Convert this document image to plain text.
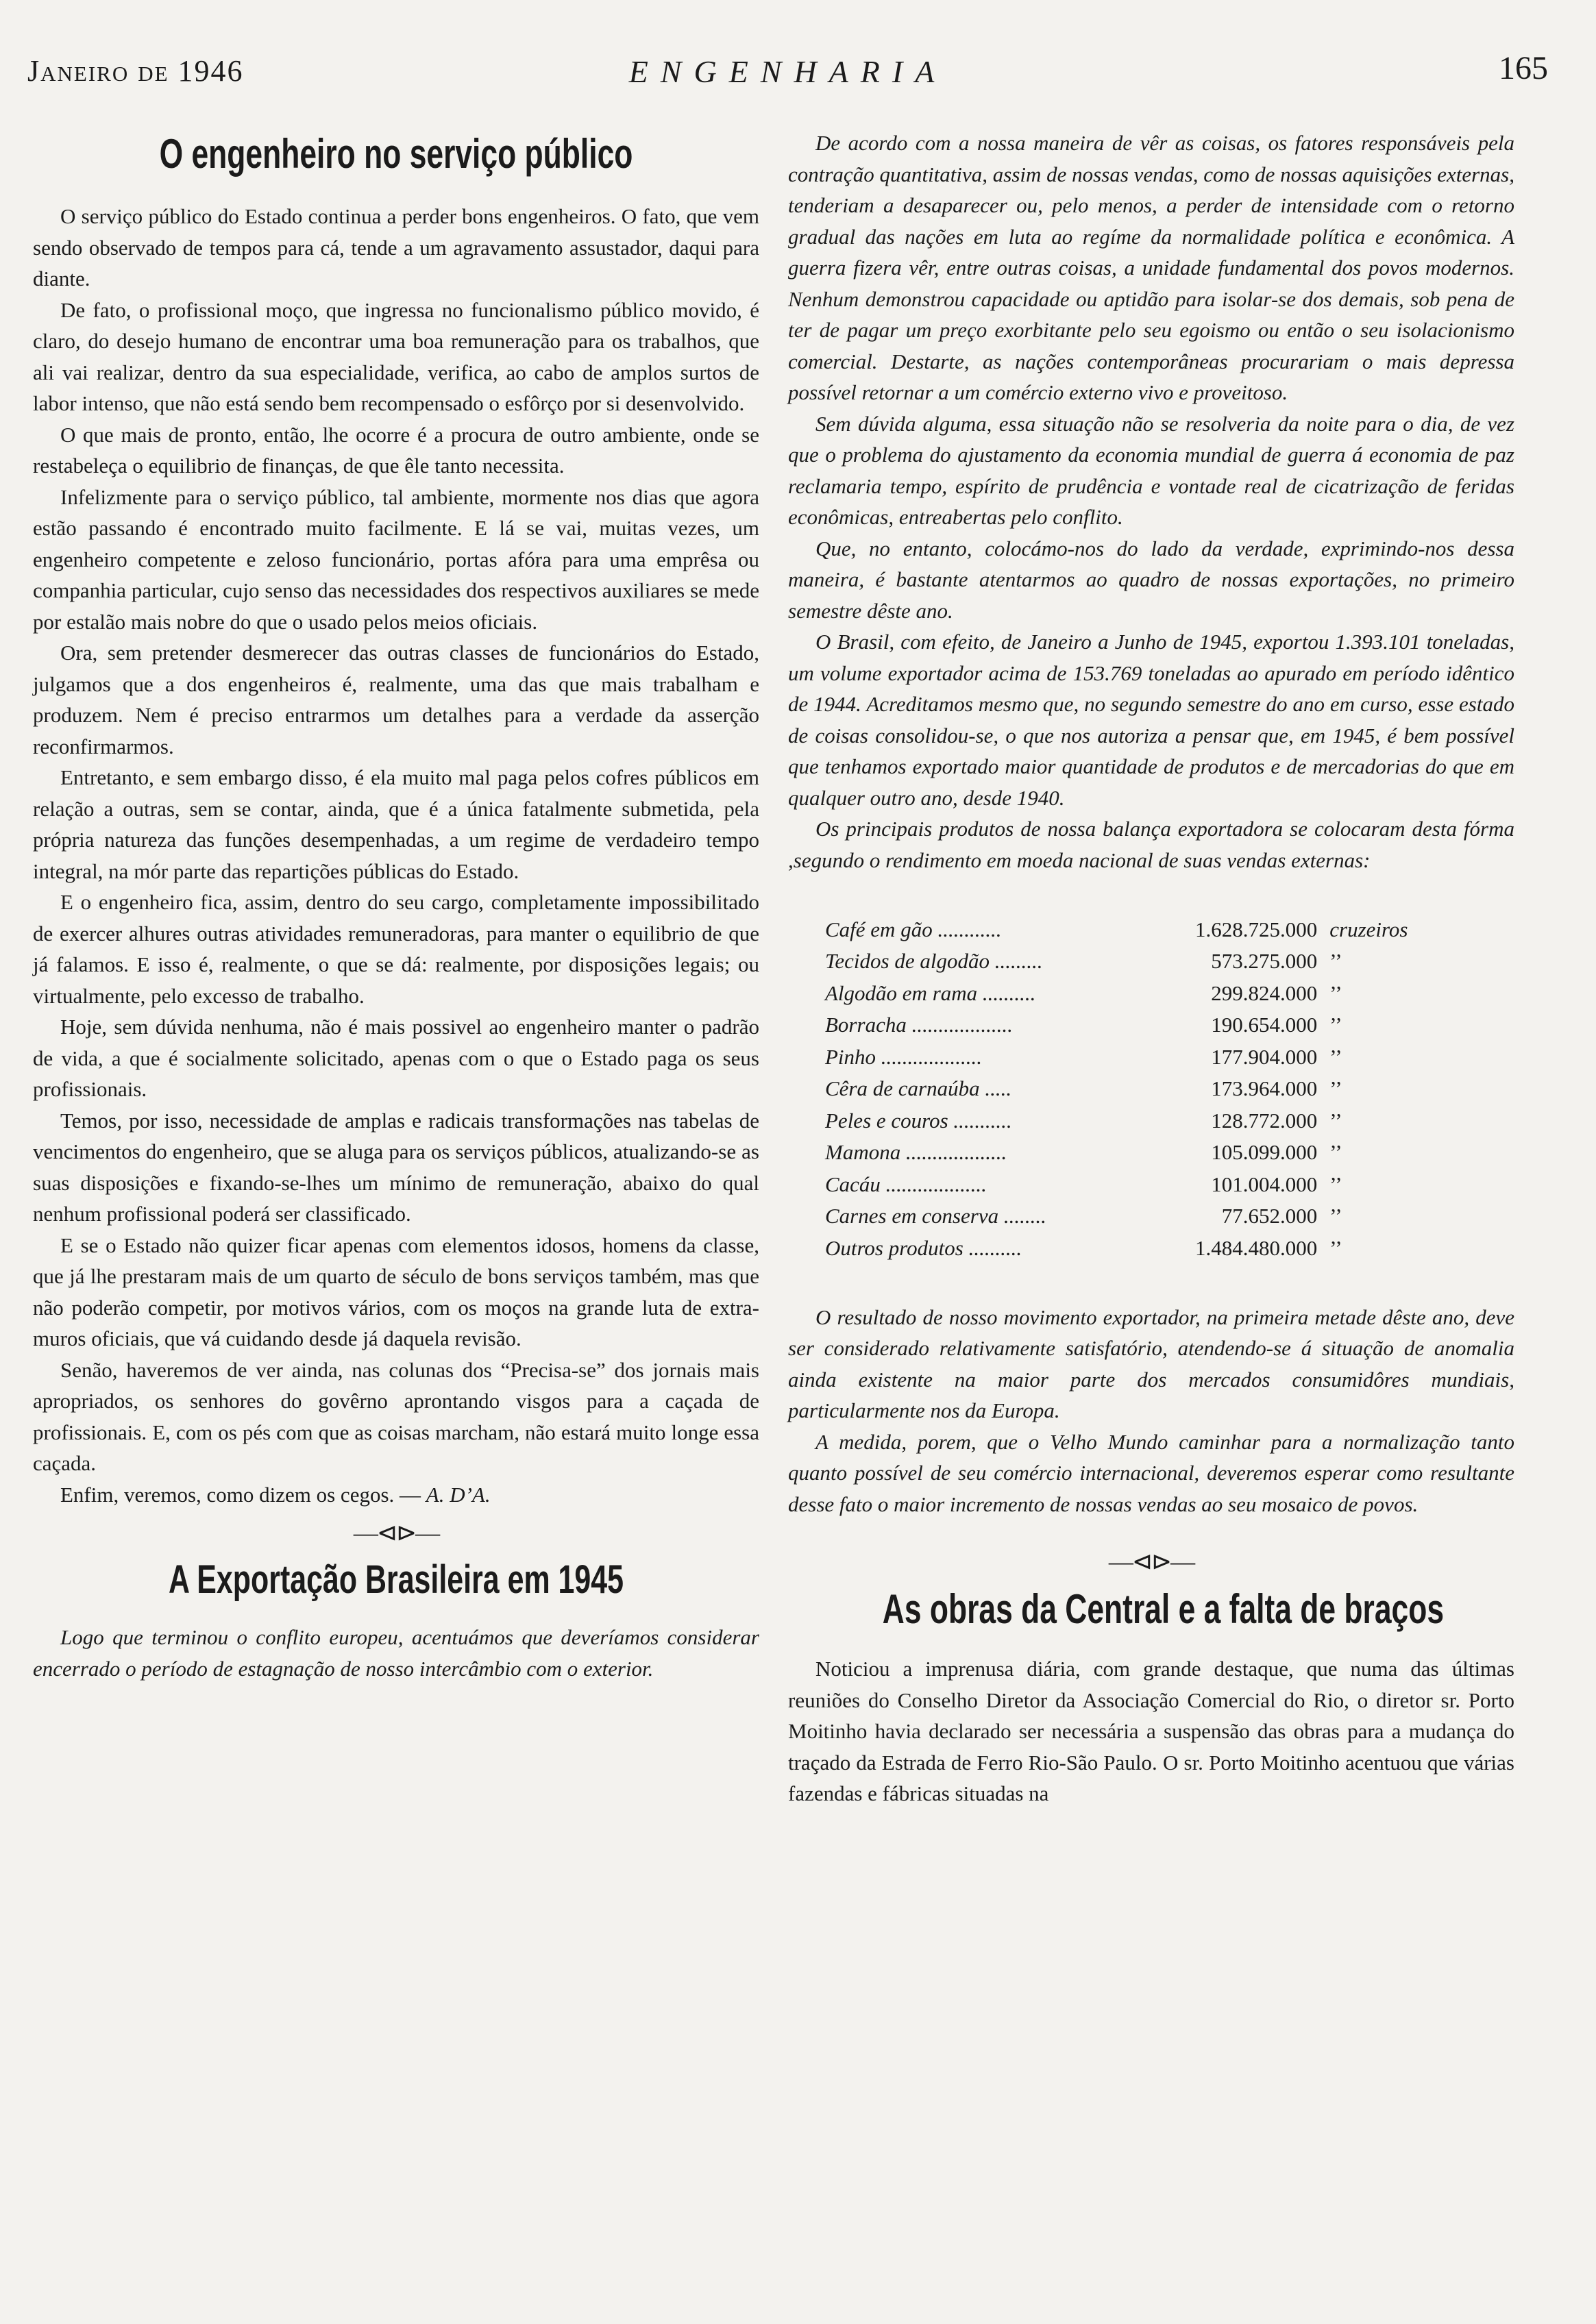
Janeiro de 1946	ENGENHARIA	165
O engenheiro no serviço público

O serviço público do Estado continua a perder bons engenheiros. O fato, que vem sendo observado de tempos para cá, tende a um agravamento assustador, daqui para diante.

De fato, o profissional moço, que ingressa no funcionalismo público movido, é claro, do desejo humano de encontrar uma boa remuneração para os trabalhos, que ali vai realizar, dentro da sua especialidade, verifica, ao cabo de amplos surtos de labor intenso, que não está sendo bem recompensado o esfôrço por si desenvolvido.

O que mais de pronto, então, lhe ocorre é a procura de outro ambiente, onde se restabeleça o equilibrio de finanças, de que êle tanto necessita.

Infelizmente para o serviço público, tal ambiente, mormente nos dias que agora estão passando é encontrado muito facilmente. E lá se vai, muitas vezes, um engenheiro competente e zeloso funcionário, portas afóra para uma emprêsa ou companhia particular, cujo senso das necessidades dos respectivos auxiliares se mede por estalão mais nobre do que o usado pelos meios oficiais.

Ora, sem pretender desmerecer das outras classes de funcionários do Estado, julgamos que a dos engenheiros é, realmente, uma das que mais trabalham e produzem. Nem é preciso entrarmos um detalhes para a verdade da asserção reconfirmarmos.

Entretanto, e sem embargo disso, é ela muito mal paga pelos cofres públicos em relação a outras, sem se contar, ainda, que é a única fatalmente submetida, pela própria natureza das funções desempenhadas, a um regime de verdadeiro tempo integral, na mór parte das repartições públicas do Estado.

E o engenheiro fica, assim, dentro do seu cargo, completamente impossibilitado de exercer alhures outras atividades remuneradoras, para manter o equilibrio de que já falamos. E isso é, realmente, o que se dá: realmente, por disposições legais; ou virtualmente, pelo excesso de trabalho.

Hoje, sem dúvida nenhuma, não é mais possivel ao engenheiro manter o padrão de vida, a que é socialmente solicitado, apenas com o que o Estado paga os seus profissionais.

Temos, por isso, necessidade de amplas e radicais transformações nas tabelas de vencimentos do engenheiro, que se aluga para os serviços públicos, atualizando-se as suas disposições e fixando-se-lhes um mínimo de remuneração, abaixo do qual nenhum profissional poderá ser classificado.

E se o Estado não quizer ficar apenas com elementos idosos, homens da classe, que já lhe prestaram mais de um quarto de século de bons serviços também, mas que não poderão competir, por motivos vários, com os moços na grande luta de extra-muros oficiais, que vá cuidando desde já daquela revisão.

Senão, haveremos de ver ainda, nas colunas dos “Precisa-se” dos jornais mais apropriados, os senhores do govêrno aprontando visgos para a caçada de profissionais. E, com os pés com que as coisas marcham, não estará muito longe essa caçada.

Enfim, veremos, como dizem os cegos. — A. D’A.

—⊲⊳—
A Exportação Brasileira em 1945

Logo que terminou o conflito europeu, acentuámos que deveríamos considerar encerrado o período de estagnação de nosso intercâmbio com o exterior.

De acordo com a nossa maneira de vêr as coisas, os fatores responsáveis pela contração quantitativa, assim de nossas vendas, como de nossas aquisições externas, tenderiam a desaparecer ou, pelo menos, a perder de intensidade com o retorno gradual das nações em luta ao regíme da normalidade política e econômica. A guerra fizera vêr, entre outras coisas, a unidade fundamental dos povos modernos. Nenhum demonstrou capacidade ou aptidão para isolar-se dos demais, sob pena de ter de pagar um preço exorbitante pelo seu egoismo ou então o seu isolacionismo comercial. Destarte, as nações contemporâneas procurariam o mais depressa possível retornar a um comércio externo vivo e proveitoso.

Sem dúvida alguma, essa situação não se resolveria da noite para o dia, de vez que o problema do ajustamento da economia mundial de guerra á economia de paz reclamaria tempo, espírito de prudência e vontade real de cicatrização de feridas econômicas, entreabertas pelo conflito.

Que, no entanto, colocámo-nos do lado da verdade, exprimindo-nos dessa maneira, é bastante atentarmos ao quadro de nossas exportações, no primeiro semestre dêste ano.

O Brasil, com efeito, de Janeiro a Junho de 1945, exportou 1.393.101 toneladas, um volume exportador acima de 153.769 toneladas ao apurado em período idêntico de 1944. Acreditamos mesmo que, no segundo semestre do ano em curso, esse estado de coisas consolidou-se, o que nos autoriza a pensar que, em 1945, é bem possível que tenhamos exportado maior quantidade de produtos e de mercadorias do que em qualquer outro ano, desde 1940.

Os principais produtos de nossa balança exportadora se colocaram desta fórma ,segundo o rendimento em moeda nacional de suas vendas externas:

Café em gão ............	1.628.725.000	cruzeiros
Tecidos de algodão .........	573.275.000	’’
Algodão em rama ..........	299.824.000	’’
Borracha ...................	190.654.000	’’
Pinho ...................	177.904.000	’’
Cêra de carnaúba .....	173.964.000	’’
Peles e couros ...........	128.772.000	’’
Mamona ...................	105.099.000	’’
Cacáu ...................	101.004.000	’’
Carnes em conserva ........	77.652.000	’’
Outros produtos ..........	1.484.480.000	’’

O resultado de nosso movimento exportador, na primeira metade dêste ano, deve ser considerado relativamente satisfatório, atendendo-se á situação de anomalia ainda existente na maior parte dos mercados consumidôres mundiais, particularmente nos da Europa.

A medida, porem, que o Velho Mundo caminhar para a normalização tanto quanto possível de seu comércio internacional, deveremos esperar como resultante desse fato o maior incremento de nossas vendas ao seu mosaico de povos.

—⊲⊳—
As obras da Central e a falta de braços

Noticiou a imprenusa diária, com grande destaque, que numa das últimas reuniões do Conselho Diretor da Associação Comercial do Rio, o diretor sr. Porto Moitinho havia declarado ser necessária a suspensão das obras para a mudança do traçado da Estrada de Ferro Rio-São Paulo. O sr. Porto Moitinho acentuou que várias fazendas e fábricas situadas na
